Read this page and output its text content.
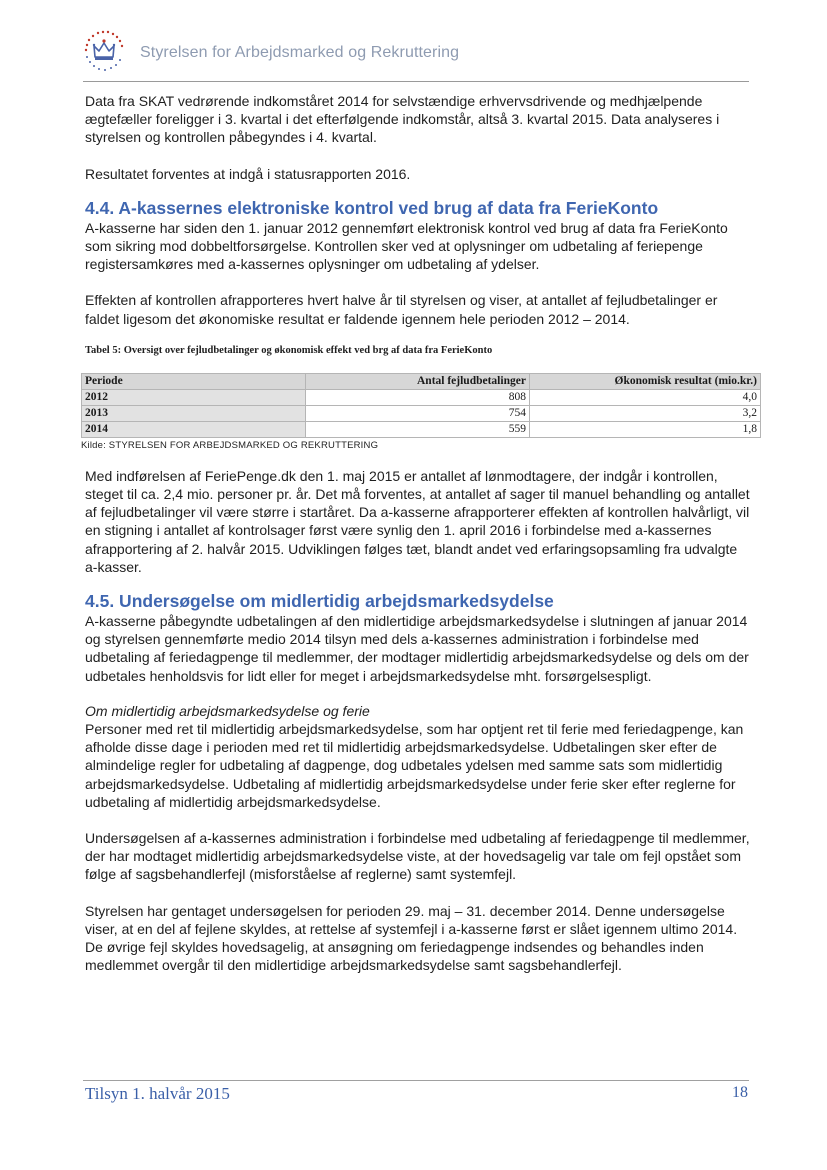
Styrelsen for Arbejdsmarked og Rekruttering

Data fra SKAT vedrørende indkomståret 2014 for selvstændige erhvervsdrivende og medhjælpende ægtefæller foreligger i 3. kvartal i det efterfølgende indkomstår, altså 3. kvartal 2015. Data analyseres i styrelsen og kontrollen påbegyndes i 4. kvartal.

Resultatet forventes at indgå i statusrapporten 2016.

4.4. A-kassernes elektroniske kontrol ved brug af data fra FerieKonto

A-kasserne har siden den 1. januar 2012 gennemført elektronisk kontrol ved brug af data fra FerieKonto som sikring mod dobbeltforsørgelse. Kontrollen sker ved at oplysninger om udbetaling af feriepenge registersamkøres med a-kassernes oplysninger om udbetaling af ydelser.

Effekten af kontrollen afrapporteres hvert halve år til styrelsen og viser, at antallet af fejludbetalinger er faldet ligesom det økonomiske resultat er faldende igennem hele perioden 2012 – 2014.

Tabel 5: Oversigt over fejludbetalinger og økonomisk effekt ved brg af data fra FerieKonto

Periode	Antal fejludbetalinger	Økonomisk resultat (mio.kr.)
2012	808	4,0
2013	754	3,2
2014	559	1,8

Kilde: STYRELSEN FOR ARBEJDSMARKED OG REKRUTTERING

Med indførelsen af FeriePenge.dk den 1. maj 2015 er antallet af lønmodtagere, der indgår i kontrollen, steget til ca. 2,4 mio. personer pr. år. Det må forventes, at antallet af sager til manuel behandling og antallet af fejludbetalinger vil være større i startåret. Da a-kasserne afrapporterer effekten af kontrollen halvårligt, vil en stigning i antallet af kontrolsager først være synlig den 1. april 2016 i forbindelse med a-kassernes afrapportering af 2. halvår 2015. Udviklingen følges tæt, blandt andet ved erfaringsopsamling fra udvalgte a-kasser.

4.5. Undersøgelse om midlertidig arbejdsmarkedsydelse

A-kasserne påbegyndte udbetalingen af den midlertidige arbejdsmarkedsydelse i slutningen af januar 2014 og styrelsen gennemførte medio 2014 tilsyn med dels a-kassernes administration i forbindelse med udbetaling af feriedagpenge til medlemmer, der modtager midlertidig arbejdsmarkedsydelse og dels om der udbetales henholdsvis for lidt eller for meget i arbejdsmarkedsydelse mht. forsørgelsespligt.

Om midlertidig arbejdsmarkedsydelse og ferie

Personer med ret til midlertidig arbejdsmarkedsydelse, som har optjent ret til ferie med feriedagpenge, kan afholde disse dage i perioden med ret til midlertidig arbejdsmarkedsydelse. Udbetalingen sker efter de almindelige regler for udbetaling af dagpenge, dog udbetales ydelsen med samme sats som midlertidig arbejdsmarkedsydelse. Udbetaling af midlertidig arbejdsmarkedsydelse under ferie sker efter reglerne for udbetaling af midlertidig arbejdsmarkedsydelse.

Undersøgelsen af a-kassernes administration i forbindelse med udbetaling af feriedagpenge til medlemmer, der har modtaget midlertidig arbejdsmarkedsydelse viste, at der hovedsagelig var tale om fejl opstået som følge af sagsbehandlerfejl (misforståelse af reglerne) samt systemfejl.

Styrelsen har gentaget undersøgelsen for perioden 29. maj – 31. december 2014. Denne undersøgelse viser, at en del af fejlene skyldes, at rettelse af systemfejl i a-kasserne først er slået igennem ultimo 2014. De øvrige fejl skyldes hovedsagelig, at ansøgning om feriedagpenge indsendes og behandles inden medlemmet overgår til den midlertidige arbejdsmarkedsydelse samt sagsbehandlerfejl.

Tilsyn 1. halvår 2015	18
